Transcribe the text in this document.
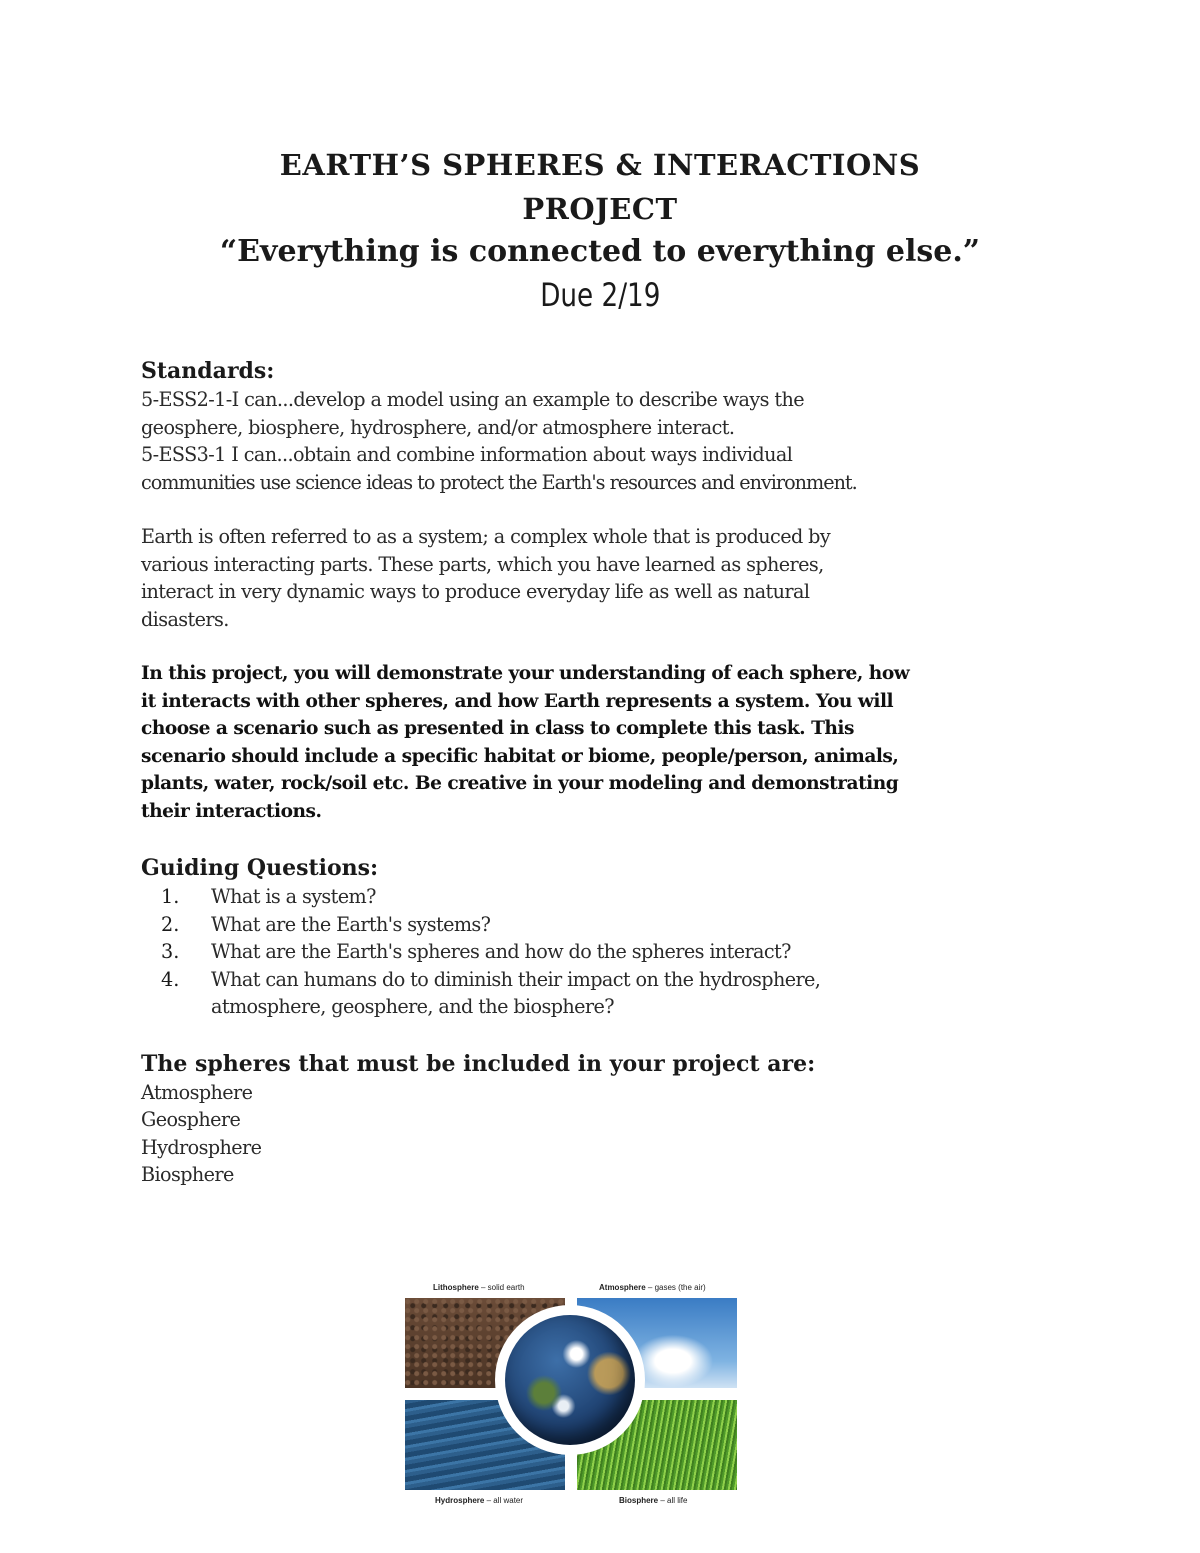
EARTH’S SPHERES & INTERACTIONS

PROJECT

“Everything is connected to everything else.”

Due 2/19

Standards:

5-ESS2-1-I can...develop a model using an example to describe ways the

geosphere, biosphere, hydrosphere, and/or atmosphere interact.

5-ESS3-1 I can...obtain and combine information about ways individual

communities use science ideas to protect the Earth's resources and environment.

Earth is often referred to as a system; a complex whole that is produced by

various interacting parts. These parts, which you have learned as spheres,

interact in very dynamic ways to produce everyday life as well as natural

disasters.

In this project, you will demonstrate your understanding of each sphere, how

it interacts with other spheres, and how Earth represents a system. You will

choose a scenario such as presented in class to complete this task. This

scenario should include a specific habitat or biome, people/person, animals,

plants, water, rock/soil etc. Be creative in your modeling and demonstrating

their interactions.

Guiding Questions:

1. What is a system?

2. What are the Earth's systems?

3. What are the Earth's spheres and how do the spheres interact?

4. What can humans do to diminish their impact on the hydrosphere,

atmosphere, geosphere, and the biosphere?

The spheres that must be included in your project are:

Atmosphere

Geosphere

Hydrosphere

Biosphere

Lithosphere – solid earth	Atmosphere – gases (the air)
Hydrosphere – all water	Biosphere – all life
